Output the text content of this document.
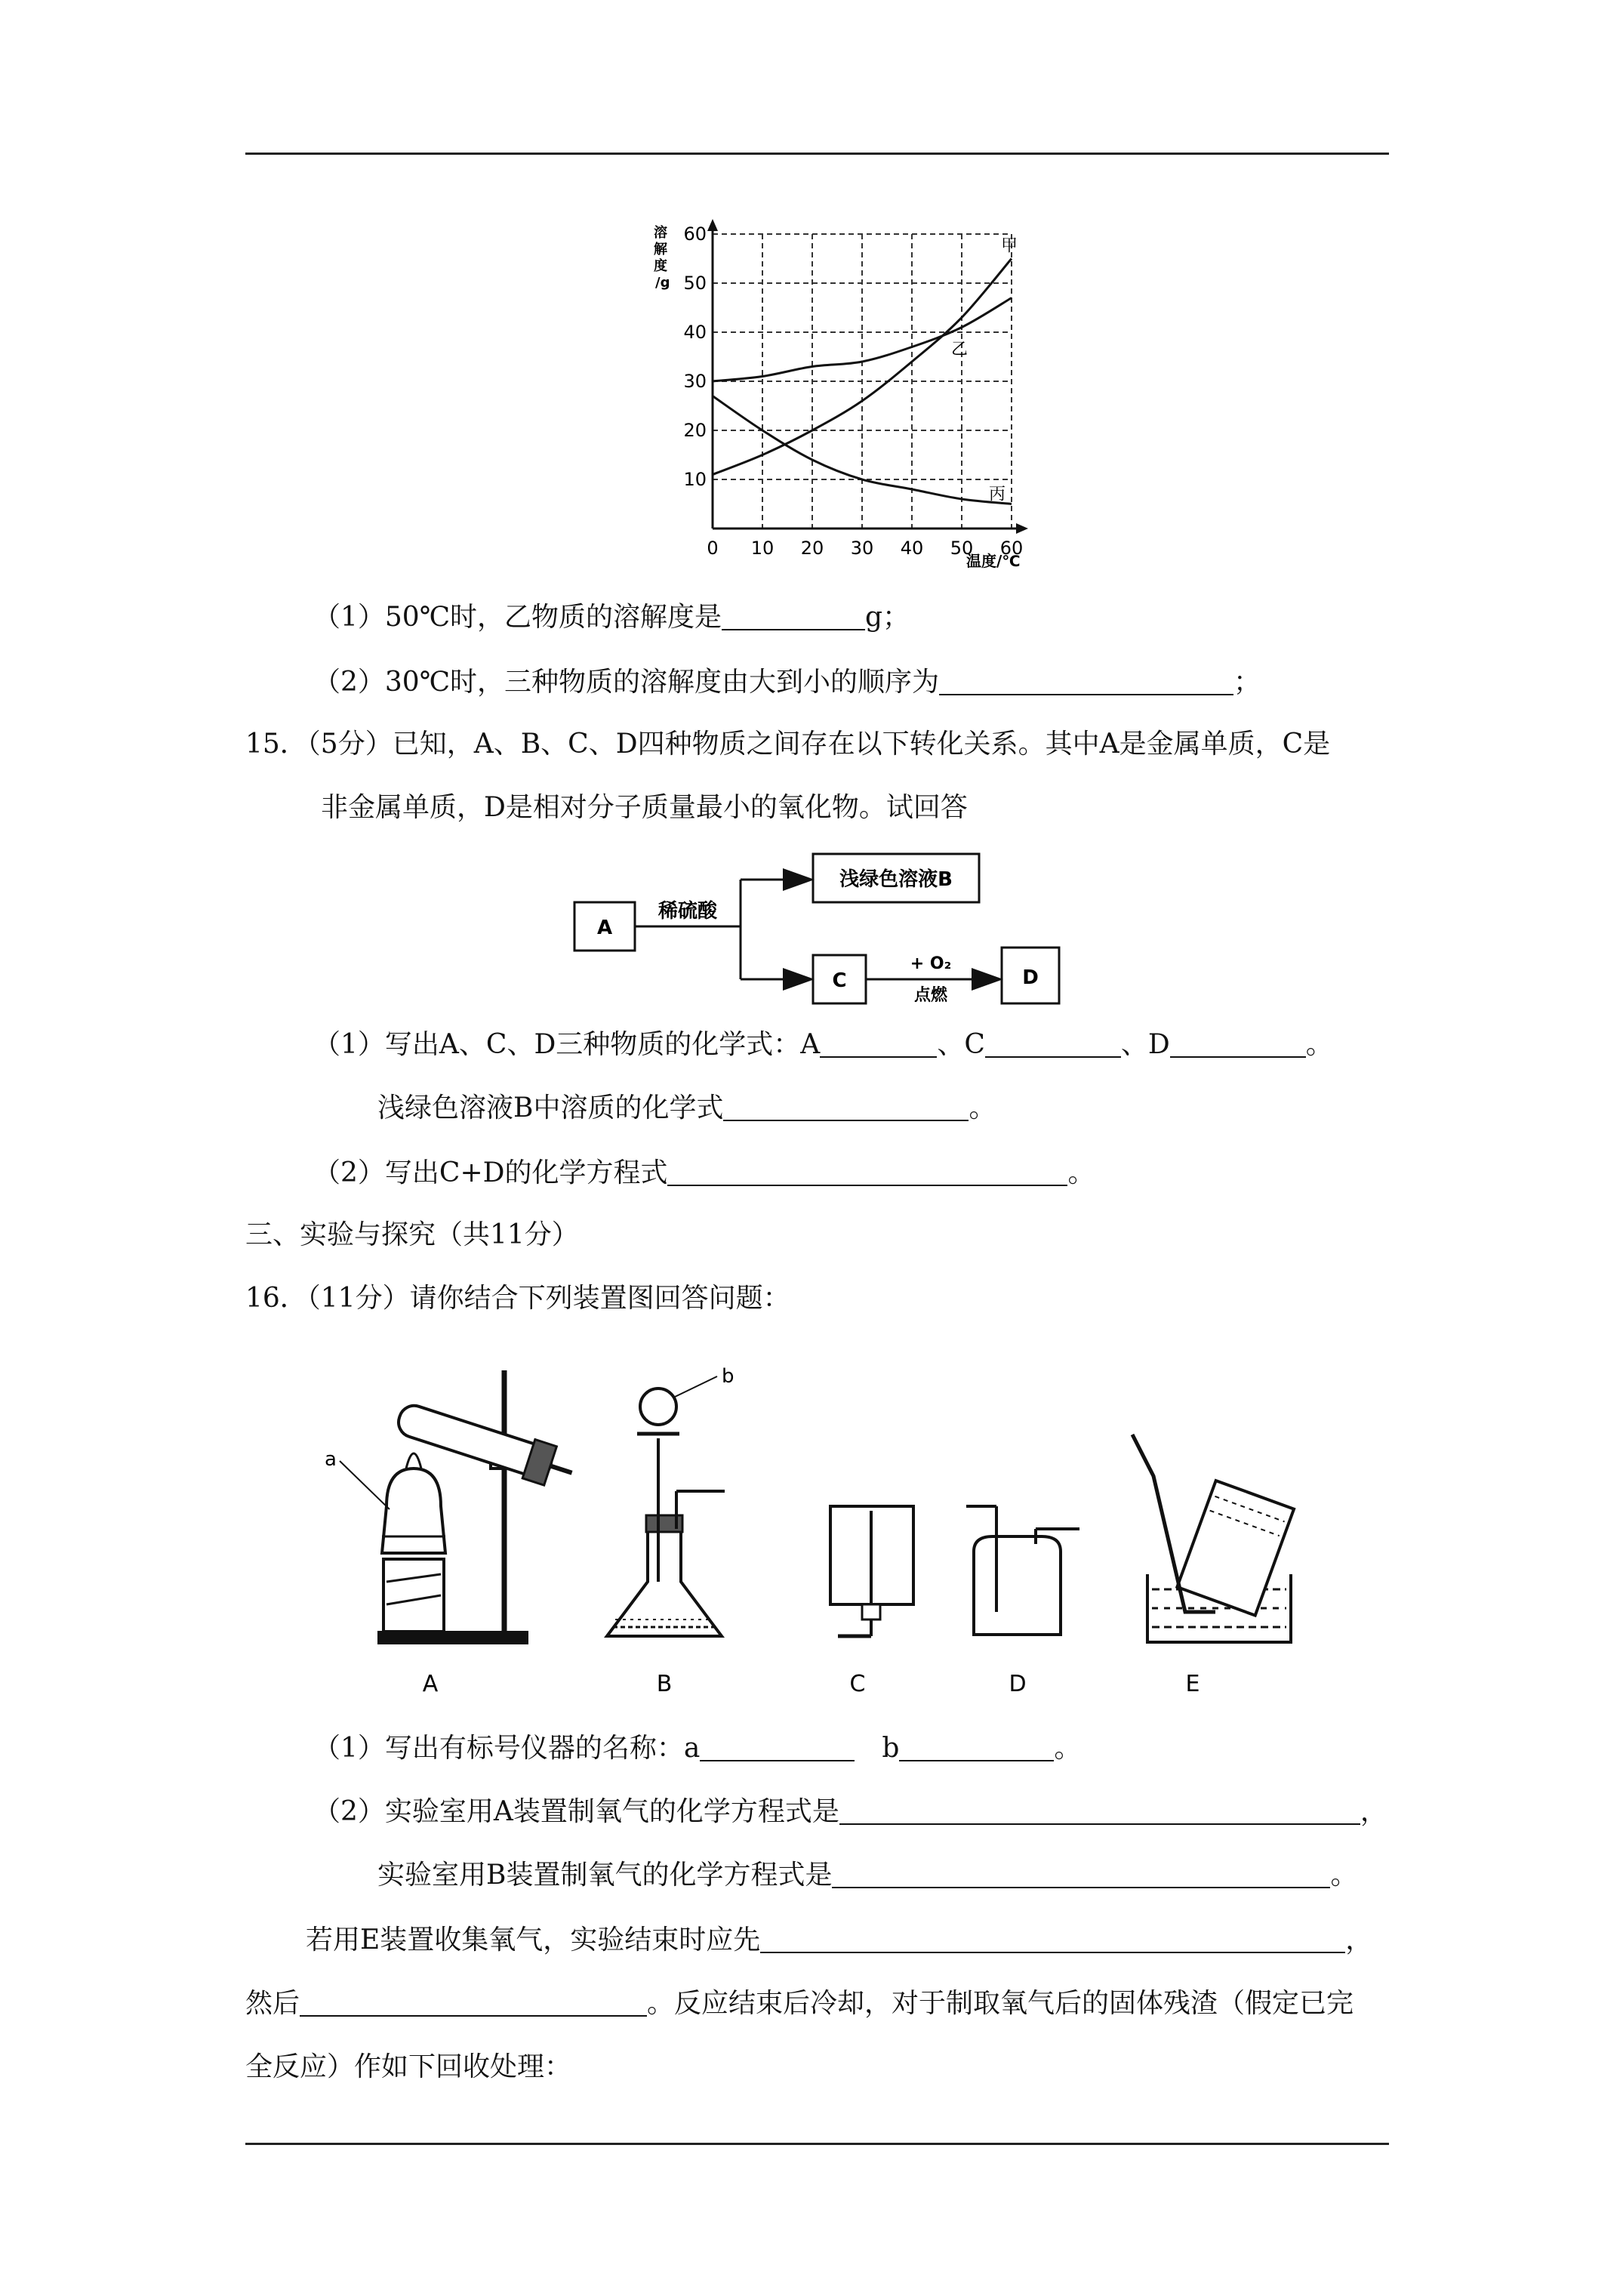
0 10 20 30 40 50 60
10
20
30
40
50
60
甲
乙
丙
溶
解
度
/g
温度/℃
（1）50℃时，乙物质的溶解度是	g；
（2）30℃时，三种物质的溶解度由大到小的顺序为	；
15．（5分）已知，A、B、C、D四种物质之间存在以下转化关系。其中A是金属单质，C是
非金属单质，D是相对分子质量最小的氧化物。试回答
A
稀硫酸
浅绿色溶液B
C
+ O₂
点燃
D
（1）写出A、C、D三种物质的化学式：A	、C	、D	。
浅绿色溶液B中溶质的化学式	。
（2）写出C+D的化学方程式	。
三、实验与探究（共11分）
16．（11分）请你结合下列装置图回答问题：
a
b
A	B	C	D	E
（1）写出有标号仪器的名称：a	b	。
（2）实验室用A装置制氧气的化学方程式是	，
实验室用B装置制氧气的化学方程式是	。
若用E装置收集氧气，实验结束时应先	，
然后	。反应结束后冷却，对于制取氧气后的固体残渣（假定已完
全反应）作如下回收处理：
